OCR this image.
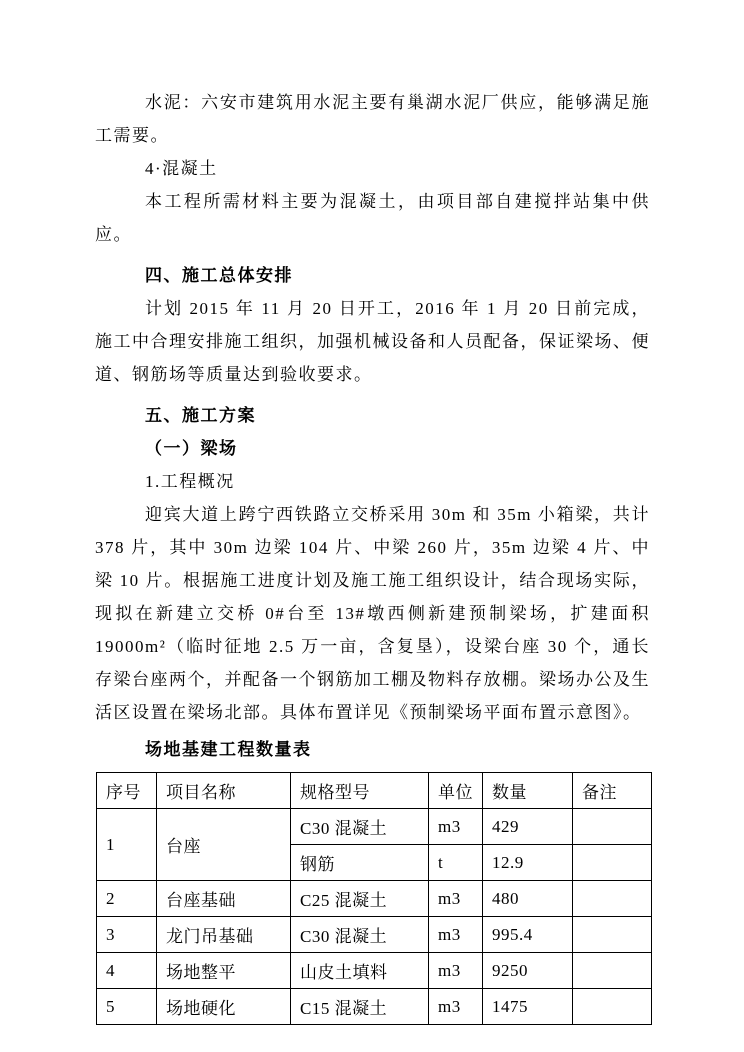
水泥：六安市建筑用水泥主要有巢湖水泥厂供应，能够满足施工需要。

4·混凝土

本工程所需材料主要为混凝土，由项目部自建搅拌站集中供应。

四、施工总体安排

计划 2015 年 11 月 20 日开工，2016 年 1 月 20 日前完成，施工中合理安排施工组织，加强机械设备和人员配备，保证梁场、便道、钢筋场等质量达到验收要求。

五、施工方案

（一）梁场

1.工程概况

迎宾大道上跨宁西铁路立交桥采用 30m 和 35m 小箱梁，共计 378 片，其中 30m 边梁 104 片、中梁 260 片，35m 边梁 4 片、中梁 10 片。根据施工进度计划及施工施工组织设计，结合现场实际，现拟在新建立交桥 0#台至 13#墩西侧新建预制梁场，扩建面积 19000m²（临时征地 2.5 万一亩，含复垦），设梁台座 30 个，通长存梁台座两个，并配备一个钢筋加工棚及物料存放棚。梁场办公及生活区设置在梁场北部。具体布置详见《预制梁场平面布置示意图》。

场地基建工程数量表

序号	项目名称	规格型号	单位	数量	备注
1	台座	C30 混凝土	m3	429	
		钢筋	t	12.9	
2	台座基础	C25 混凝土	m3	480	
3	龙门吊基础	C30 混凝土	m3	995.4	
4	场地整平	山皮土填料	m3	9250	
5	场地硬化	C15 混凝土	m3	1475	
